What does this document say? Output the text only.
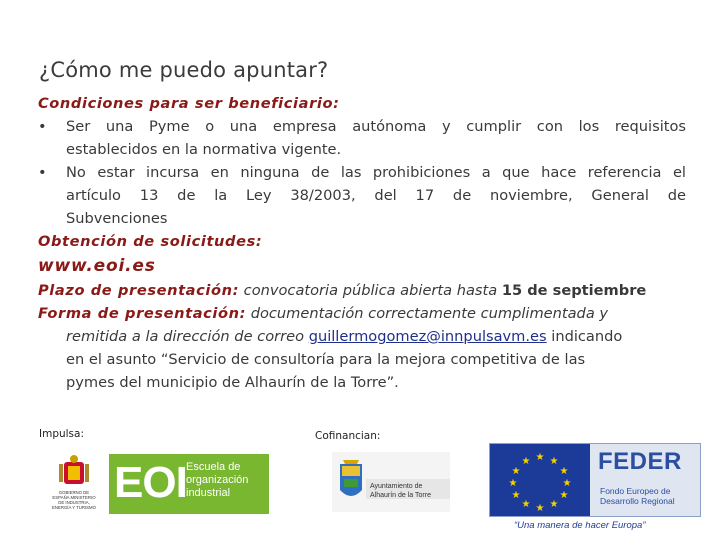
¿Cómo me puedo apuntar?
Condiciones para ser beneficiario:
• Ser una Pyme o una empresa autónoma y cumplir con los requisitos
establecidos en la normativa vigente.
• No estar incursa en ninguna de las prohibiciones a que hace referencia el
artículo 13 de la Ley 38/2003, del 17 de noviembre, General de
Subvenciones
Obtención de solicitudes:
www.eoi.es
Plazo de presentación: convocatoria pública abierta hasta 15 de septiembre
Forma de presentación: documentación correctamente cumplimentada y
remitida a la dirección de correo guillermogomez@innpulsavm.es indicando
en el asunto “Servicio de consultoría para la mejora competitiva de las
pymes del municipio de Alhaurín de la Torre”.
Impulsa:	Cofinancian:
GOBIERNO DE ESPAÑA MINISTERIO DE INDUSTRIA, ENERGÍA Y TURISMO
EOI Escuela de organización industrial
Ayuntamiento de Alhaurín de la Torre
★ ★
★
★
★
★
★
★
★
★
★
★	FEDER
Fondo Europeo de
Desarrollo Regional
“Una manera de hacer Europa”
